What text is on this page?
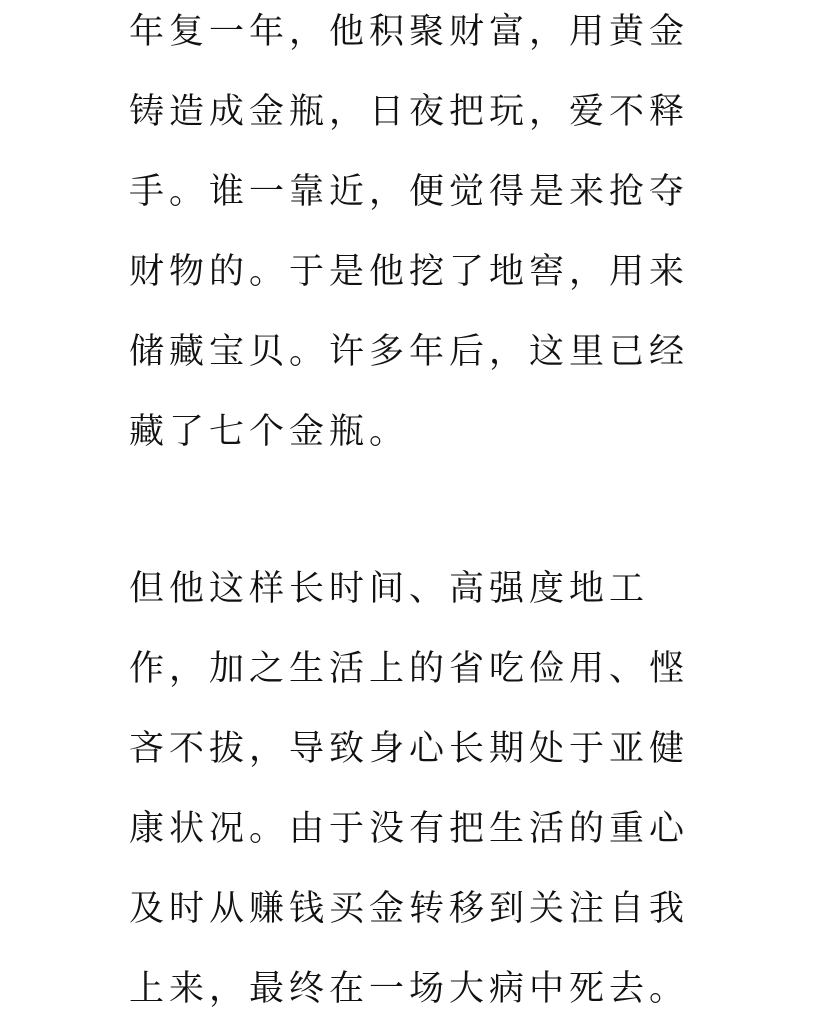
年复一年，他积聚财富，用黄金
铸造成金瓶，日夜把玩，爱不释
手。谁一靠近，便觉得是来抢夺
财物的。于是他挖了地窖，用来
储藏宝贝。许多年后，这里已经
藏了七个金瓶。
但他这样长时间、高强度地工
作，加之生活上的省吃俭用、悭
吝不拔，导致身心长期处于亚健
康状况。由于没有把生活的重心
及时从赚钱买金转移到关注自我
上来，最终在一场大病中死去。
